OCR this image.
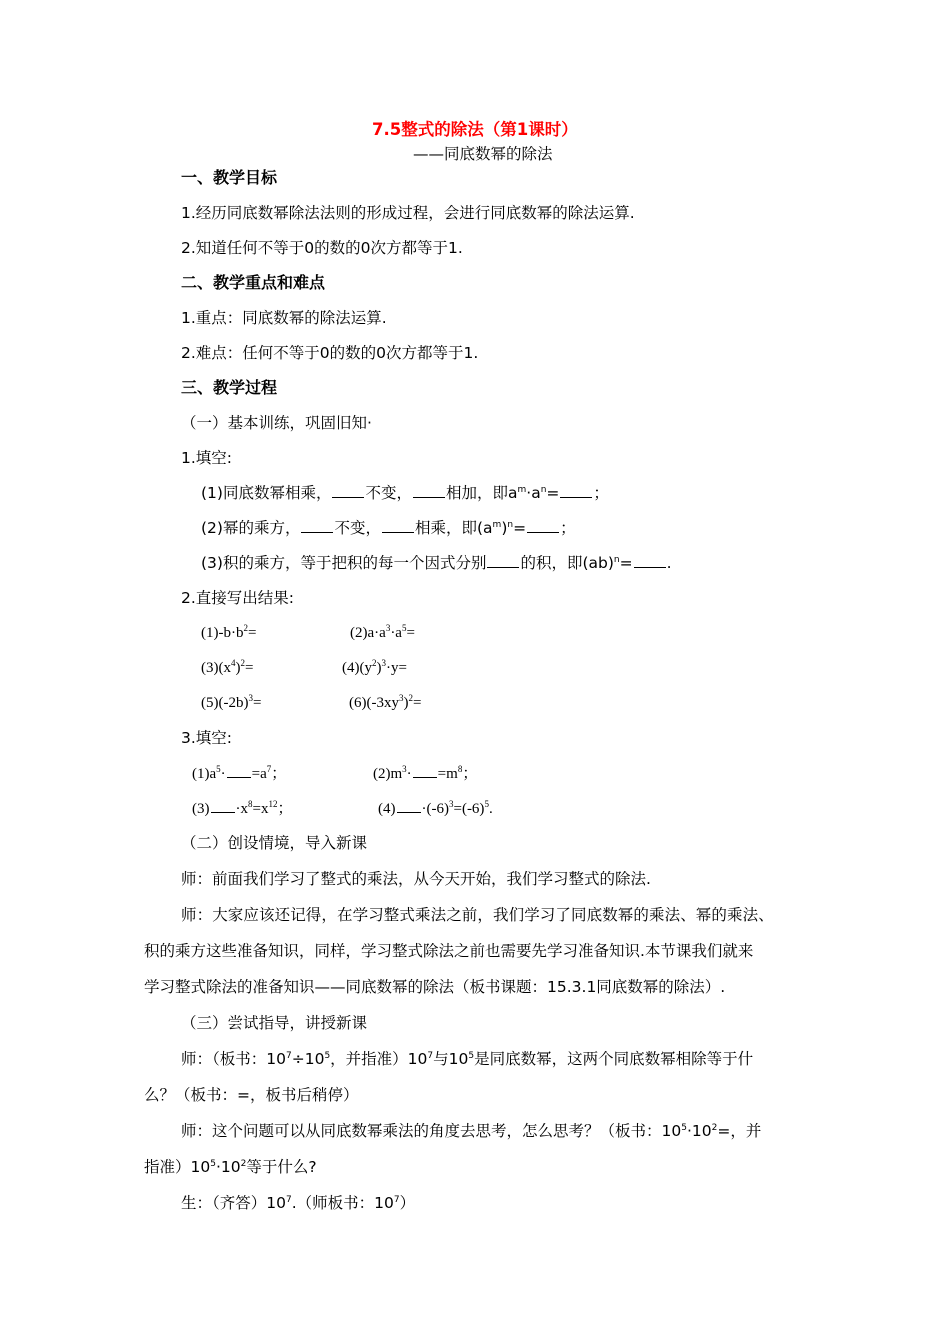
7.5整式的除法（第1课时）
——同底数幂的除法
一、教学目标
1.经历同底数幂除法法则的形成过程，会进行同底数幂的除法运算.
2.知道任何不等于0的数的0次方都等于1.
二、教学重点和难点
1.重点：同底数幂的除法运算.
2.难点：任何不等于0的数的0次方都等于1.
三、教学过程
（一）基本训练，巩固旧知·
1.填空:
(1)同底数幂相乘， 不变， 相加，即$a^m\cdot a^n=$ ；
(2)幂的乘方， 不变， 相乘，即$(a^m)^n=$ ；
(3)积的乘方，等于把积的每一个因式分别 的积，即(ab)$^n$= .
2.直接写出结果:
$(1)-b\cdot b^2=$	$(2)a\cdot a^3\cdot a^5=$
$(3)(x^4)^2=$	$(4)(y^2)^3\cdot y=$
$(5)(-2b)^3=$	$(6)(-3xy^3)^2=$
3.填空:
$(1)a^5\cdot =a^7$；	$(2)m^3\cdot =m^8$；
$(3) \cdot x^8=x^{12}$；	$(4) \cdot(-6)^3=(-6)^5$.
（二）创设情境，导入新课
师：前面我们学习了整式的乘法，从今天开始，我们学习整式的除法.
师：大家应该还记得，在学习整式乘法之前，我们学习了同底数幂的乘法、幂的乘法、
积的乘方这些准备知识，同样，学习整式除法之前也需要先学习准备知识.本节课我们就来
学习整式除法的准备知识——同底数幂的除法（板书课题：15.3.1同底数幂的除法）.
（三）尝试指导，讲授新课
师：（板书：$10^7\div 10^5$，并指准）$10^7$与$10^5$是同底数幂，这两个同底数幂相除等于什
么？（板书：=，板书后稍停）
师：这个问题可以从同底数幂乘法的角度去思考，怎么思考？（板书：$10^5\cdot 10^2=$，并
指准）$10^5\cdot 10^2$等于什么?
生：（齐答）$10^7$.（师板书：$10^7$）
